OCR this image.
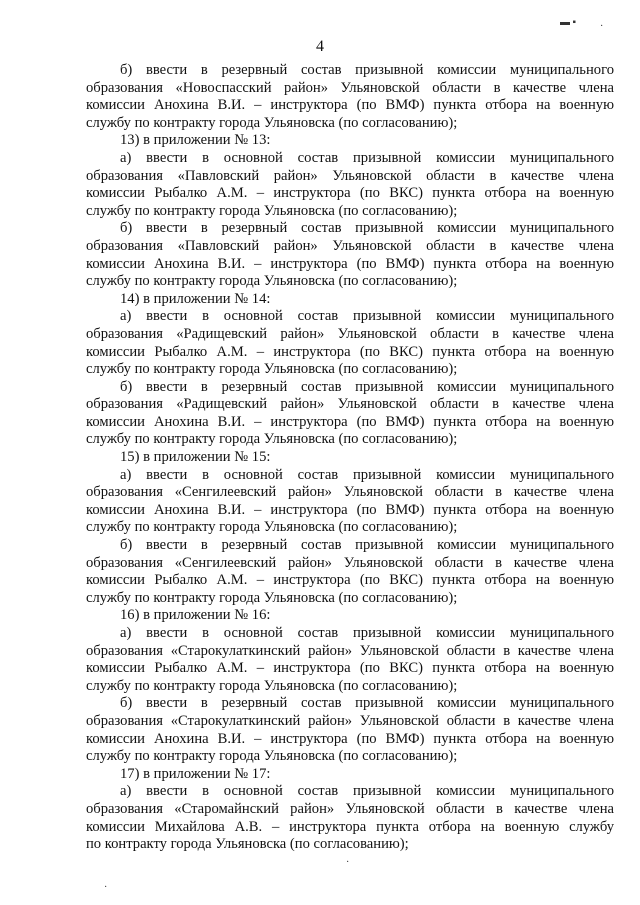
▬ ▪ ·
4
б) ввести в резервный состав призывной комиссии муниципального
образования «Новоспасский район» Ульяновской области в качестве члена
комиссии Анохина В.И. – инструктора (по ВМФ) пункта отбора на военную
службу по контракту города Ульяновска (по согласованию);
13) в приложении № 13:
а) ввести в основной состав призывной комиссии муниципального
образования «Павловский район» Ульяновской области в качестве члена
комиссии Рыбалко А.М. – инструктора (по ВКС) пункта отбора на военную
службу по контракту города Ульяновска (по согласованию);
б) ввести в резервный состав призывной комиссии муниципального
образования «Павловский район» Ульяновской области в качестве члена
комиссии Анохина В.И. – инструктора (по ВМФ) пункта отбора на военную
службу по контракту города Ульяновска (по согласованию);
14) в приложении № 14:
а) ввести в основной состав призывной комиссии муниципального
образования «Радищевский район» Ульяновской области в качестве члена
комиссии Рыбалко А.М. – инструктора (по ВКС) пункта отбора на военную
службу по контракту города Ульяновска (по согласованию);
б) ввести в резервный состав призывной комиссии муниципального
образования «Радищевский район» Ульяновской области в качестве члена
комиссии Анохина В.И. – инструктора (по ВМФ) пункта отбора на военную
службу по контракту города Ульяновска (по согласованию);
15) в приложении № 15:
а) ввести в основной состав призывной комиссии муниципального
образования «Сенгилеевский район» Ульяновской области в качестве члена
комиссии Анохина В.И. – инструктора (по ВМФ) пункта отбора на военную
службу по контракту города Ульяновска (по согласованию);
б) ввести в резервный состав призывной комиссии муниципального
образования «Сенгилеевский район» Ульяновской области в качестве члена
комиссии Рыбалко А.М. – инструктора (по ВКС) пункта отбора на военную
службу по контракту города Ульяновска (по согласованию);
16) в приложении № 16:
а) ввести в основной состав призывной комиссии муниципального
образования «Старокулаткинский район» Ульяновской области в качестве члена
комиссии Рыбалко А.М. – инструктора (по ВКС) пункта отбора на военную
службу по контракту города Ульяновска (по согласованию);
б) ввести в резервный состав призывной комиссии муниципального
образования «Старокулаткинский район» Ульяновской области в качестве члена
комиссии Анохина В.И. – инструктора (по ВМФ) пункта отбора на военную
службу по контракту города Ульяновска (по согласованию);
17) в приложении № 17:
а) ввести в основной состав призывной комиссии муниципального
образования «Старомайнский район» Ульяновской области в качестве члена
комиссии Михайлова А.В. – инструктора пункта отбора на военную службу
по контракту города Ульяновска (по согласованию);
·
·
